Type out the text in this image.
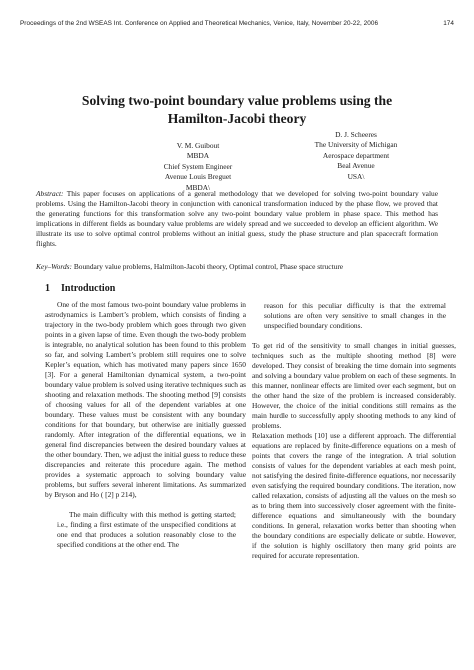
Proceedings of the 2nd WSEAS Int. Conference on Applied and Theoretical Mechanics, Venice, Italy, November 20-22, 2006	174
Solving two-point boundary value problems using the
Hamilton-Jacobi theory
V. M. Guibout
MBDA
Chief System Engineer
Avenue Louis Breguet
MBDA\
D. J. Scheeres
The University of Michigan
Aerospace department
Beal Avenue
USA\
Abstract: This paper focuses on applications of a general methodology that we developed for solving two-point boundary value problems. Using the Hamilton-Jacobi theory in conjunction with canonical transformation induced by the phase flow, we proved that the generating functions for this transformation solve any two-point boundary value problem in phase space. This method has implications in different fields as boundary value problems are widely spread and we succeeded to develop an efficient algorithm. We illustrate its use to solve optimal control problems without an initial guess, study the phase structure and plan spacecraft formation flights.
Key–Words: Boundary value problems, Halmilton-Jacobi theory, Optimal control, Phase space structure
1 Introduction

One of the most famous two-point boundary value problems in astrodynamics is Lambert’s problem, which consists of finding a trajectory in the two-body problem which goes through two given points in a given lapse of time. Even though the two-body problem is integrable, no analytical solution has been found to this problem so far, and solving Lambert’s problem still requires one to solve Kepler’s equation, which has motivated many papers since 1650 [3]. For a general Hamiltonian dynamical system, a two-point boundary value problem is solved using iterative techniques such as shooting and relaxation methods. The shooting method [9] consists of choosing values for all of the dependent variables at one boundary. These values must be consistent with any boundary conditions for that boundary, but otherwise are initially guessed randomly. After integration of the differential equations, we in general find discrepancies between the desired boundary values at the other boundary. Then, we adjust the initial guess to reduce these discrepancies and reiterate this procedure again. The method provides a systematic approach to solving boundary value problems, but suffers several inherent limitations. As summarized by Bryson and Ho ( [2] p 214),

The main difficulty with this method is getting started; i.e., finding a first estimate of the unspecified conditions at one end that produces a solution reasonably close to the specified conditions at the other end. The

reason for this peculiar difficulty is that the extremal solutions are often very sensitive to small changes in the unspecified boundary conditions.

To get rid of the sensitivity to small changes in initial guesses, techniques such as the multiple shooting method [8] were developed. They consist of breaking the time domain into segments and solving a boundary value problem on each of these segments. In this manner, nonlinear effects are limited over each segment, but on the other hand the size of the problem is increased considerably. However, the choice of the initial conditions still remains as the main hurdle to successfully apply shooting methods to any kind of problems.

Relaxation methods [10] use a different approach. The differential equations are replaced by finite-difference equations on a mesh of points that covers the range of the integration. A trial solution consists of values for the dependent variables at each mesh point, not satisfying the desired finite-difference equations, nor necessarily even satisfying the required boundary conditions. The iteration, now called relaxation, consists of adjusting all the values on the mesh so as to bring them into successively closer agreement with the finite-difference equations and simultaneously with the boundary conditions. In general, relaxation works better than shooting when the boundary conditions are especially delicate or subtle. However, if the solution is highly oscillatory then many grid points are required for accurate representation.
